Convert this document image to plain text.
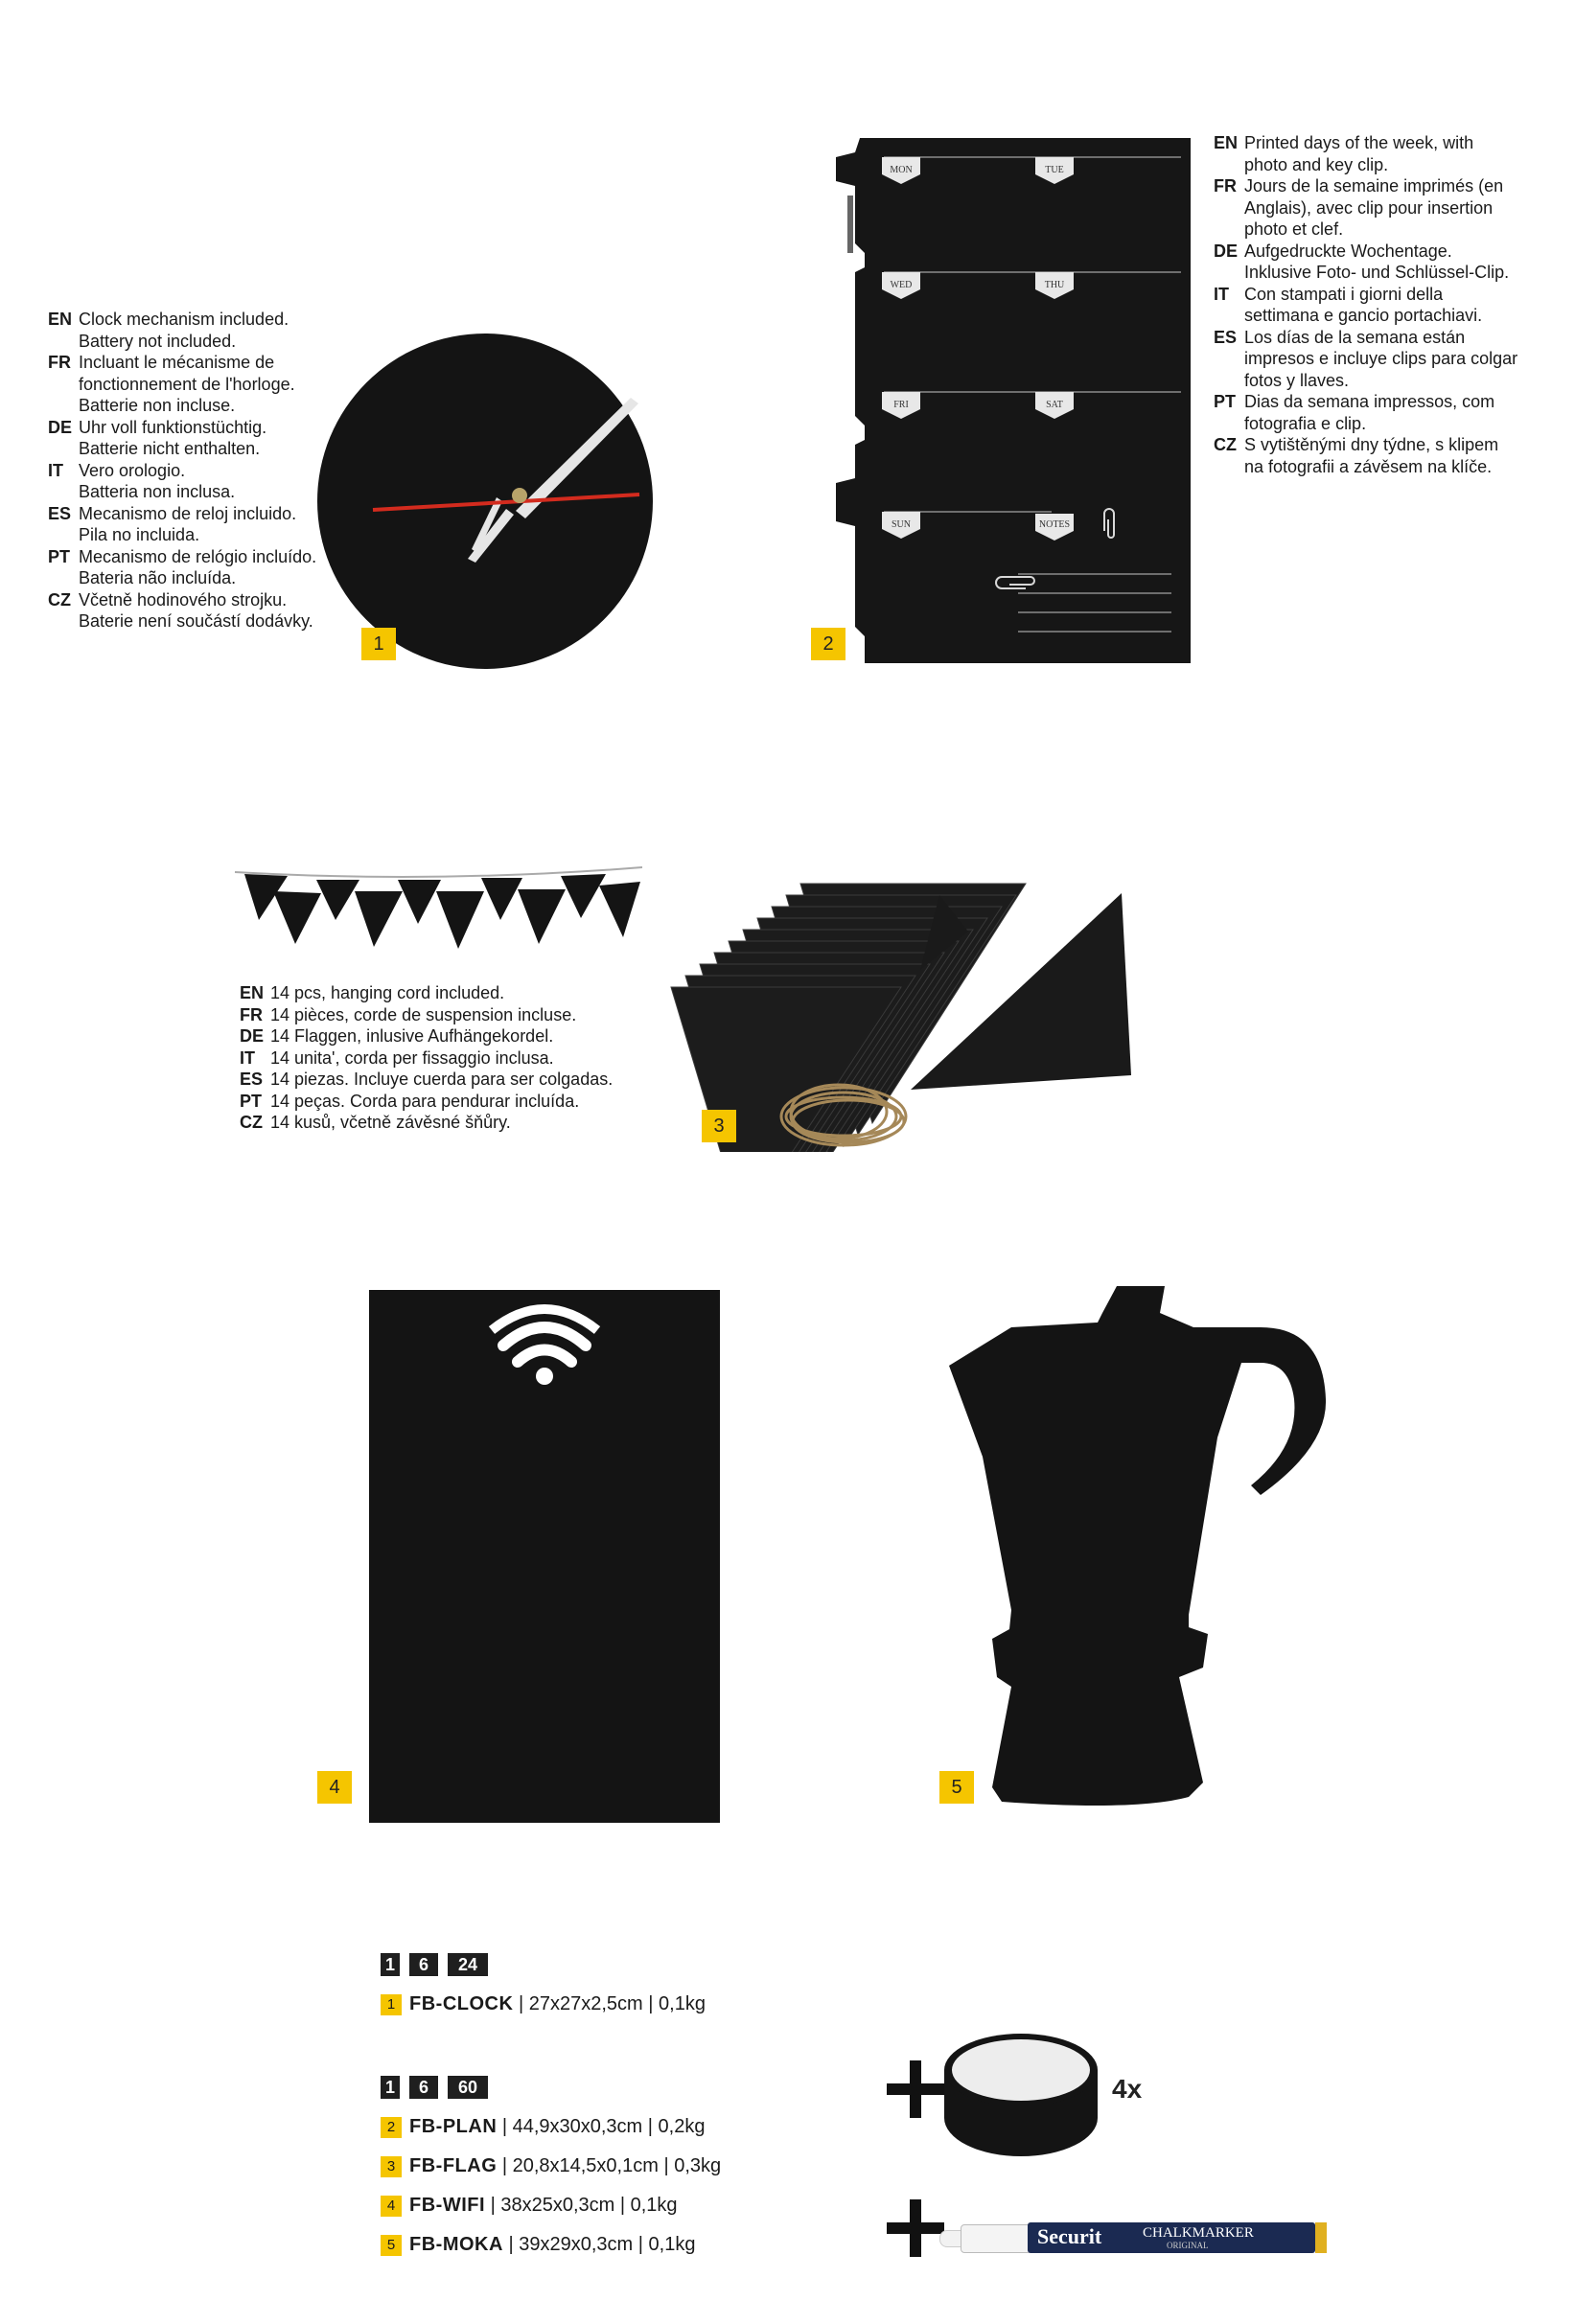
EN Clock mechanism included.
Battery not included.
FR Incluant le mécanisme de
fonctionnement de l'horloge.
Batterie non incluse.
DE Uhr voll funktionstüchtig.
Batterie nicht enthalten.
IT Vero orologio.
Batteria non inclusa.
ES Mecanismo de reloj incluido.
Pila no incluida.
PT Mecanismo de relógio incluído.
Bateria não incluída.
CZ Včetně hodinového strojku.
Baterie není součástí dodávky.
1
MON	TUE
WED	THU
FRI	SAT
SUN	NOTES
2
EN Printed days of the week, with
photo and key clip.
FR Jours de la semaine imprimés (en
Anglais), avec clip pour insertion
photo et clef.
DE Aufgedruckte Wochentage.
Inklusive Foto- und Schlüssel-Clip.
IT Con stampati i giorni della
settimana e gancio portachiavi.
ES Los días de la semana están
impresos e incluye clips para colgar
fotos y llaves.
PT Dias da semana impressos, com
fotografia e clip.
CZ S vytištěnými dny týdne, s klipem
na fotografii a závěsem na klíče.
EN 14 pcs, hanging cord included.
FR 14 pièces, corde de suspension incluse.
DE 14 Flaggen, inlusive Aufhängekordel.
IT 14 unita', corda per fissaggio inclusa.
ES 14 piezas. Incluye cuerda para ser colgadas.
PT 14 peças. Corda para pendurar incluída.
CZ 14 kusů, včetně závěsné šňůry.	3
4	5
1	6	24
1 FB-CLOCK
| 27x27x2,5cm | 0,1kg
1	6	60
2 FB-PLAN
| 44,9x30x0,3cm | 0,2kg
3 FB-FLAG
| 20,8x14,5x0,1cm | 0,3kg
4 FB-WIFI
| 38x25x0,3cm | 0,1kg
5 FB-MOKA
| 39x29x0,3cm | 0,1kg
4x
Securit	CHALKMARKER
ORIGINAL
